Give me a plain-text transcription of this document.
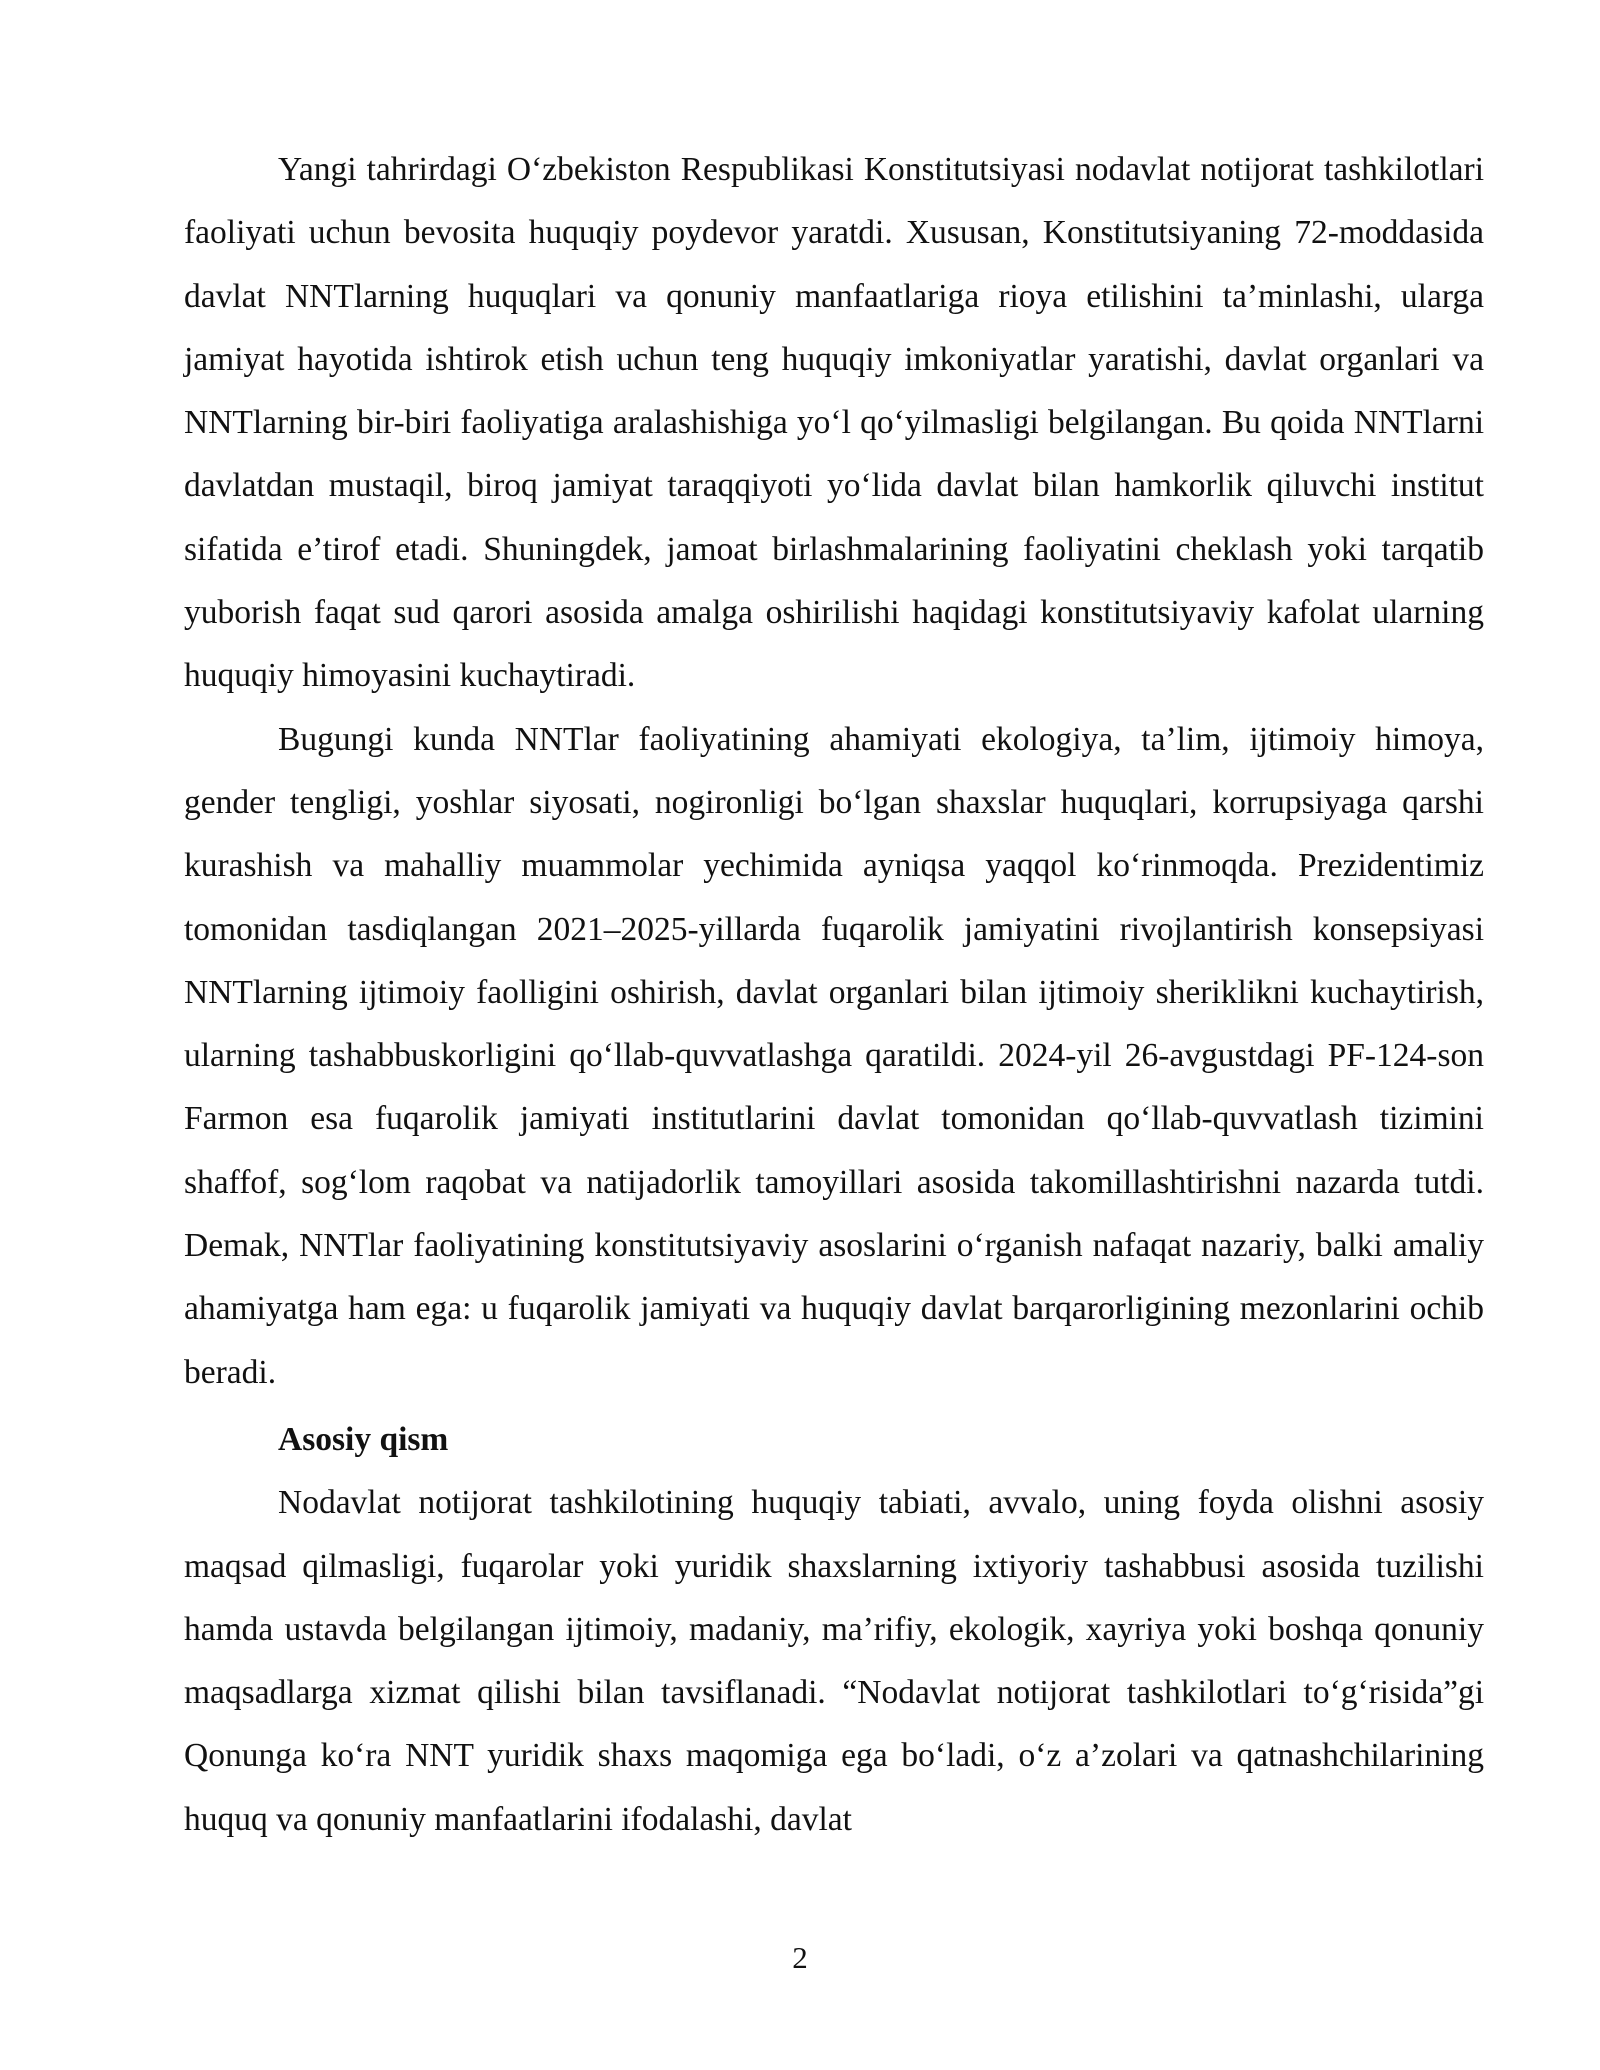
Yangi tahrirdagi O‘zbekiston Respublikasi Konstitutsiyasi nodavlat notijorat tashkilotlari faoliyati uchun bevosita huquqiy poydevor yaratdi. Xususan, Konstitutsiyaning 72-moddasida davlat NNTlarning huquqlari va qonuniy manfaatlariga rioya etilishini ta’minlashi, ularga jamiyat hayotida ishtirok etish uchun teng huquqiy imkoniyatlar yaratishi, davlat organlari va NNTlarning bir-biri faoliyatiga aralashishiga yo‘l qo‘yilmasligi belgilangan. Bu qoida NNTlarni davlatdan mustaqil, biroq jamiyat taraqqiyoti yo‘lida davlat bilan hamkorlik qiluvchi institut sifatida e’tirof etadi. Shuningdek, jamoat birlashmalarining faoliyatini cheklash yoki tarqatib yuborish faqat sud qarori asosida amalga oshirilishi haqidagi konstitutsiyaviy kafolat ularning huquqiy himoyasini kuchaytiradi.

Bugungi kunda NNTlar faoliyatining ahamiyati ekologiya, ta’lim, ijtimoiy himoya, gender tengligi, yoshlar siyosati, nogironligi bo‘lgan shaxslar huquqlari, korrupsiyaga qarshi kurashish va mahalliy muammolar yechimida ayniqsa yaqqol ko‘rinmoqda. Prezidentimiz tomonidan tasdiqlangan 2021–2025-yillarda fuqarolik jamiyatini rivojlantirish konsepsiyasi NNTlarning ijtimoiy faolligini oshirish, davlat organlari bilan ijtimoiy sheriklikni kuchaytirish, ularning tashabbuskorligini qo‘llab-quvvatlashga qaratildi. 2024-yil 26-avgustdagi PF-124-son Farmon esa fuqarolik jamiyati institutlarini davlat tomonidan qo‘llab-quvvatlash tizimini shaffof, sog‘lom raqobat va natijadorlik tamoyillari asosida takomillashtirishni nazarda tutdi. Demak, NNTlar faoliyatining konstitutsiyaviy asoslarini o‘rganish nafaqat nazariy, balki amaliy ahamiyatga ham ega: u fuqarolik jamiyati va huquqiy davlat barqarorligining mezonlarini ochib beradi.

Asosiy qism

Nodavlat notijorat tashkilotining huquqiy tabiati, avvalo, uning foyda olishni asosiy maqsad qilmasligi, fuqarolar yoki yuridik shaxslarning ixtiyoriy tashabbusi asosida tuzilishi hamda ustavda belgilangan ijtimoiy, madaniy, ma’rifiy, ekologik, xayriya yoki boshqa qonuniy maqsadlarga xizmat qilishi bilan tavsiflanadi. “Nodavlat notijorat tashkilotlari to‘g‘risida”gi Qonunga ko‘ra NNT yuridik shaxs maqomiga ega bo‘ladi, o‘z a’zolari va qatnashchilarining huquq va qonuniy manfaatlarini ifodalashi, davlat

2
